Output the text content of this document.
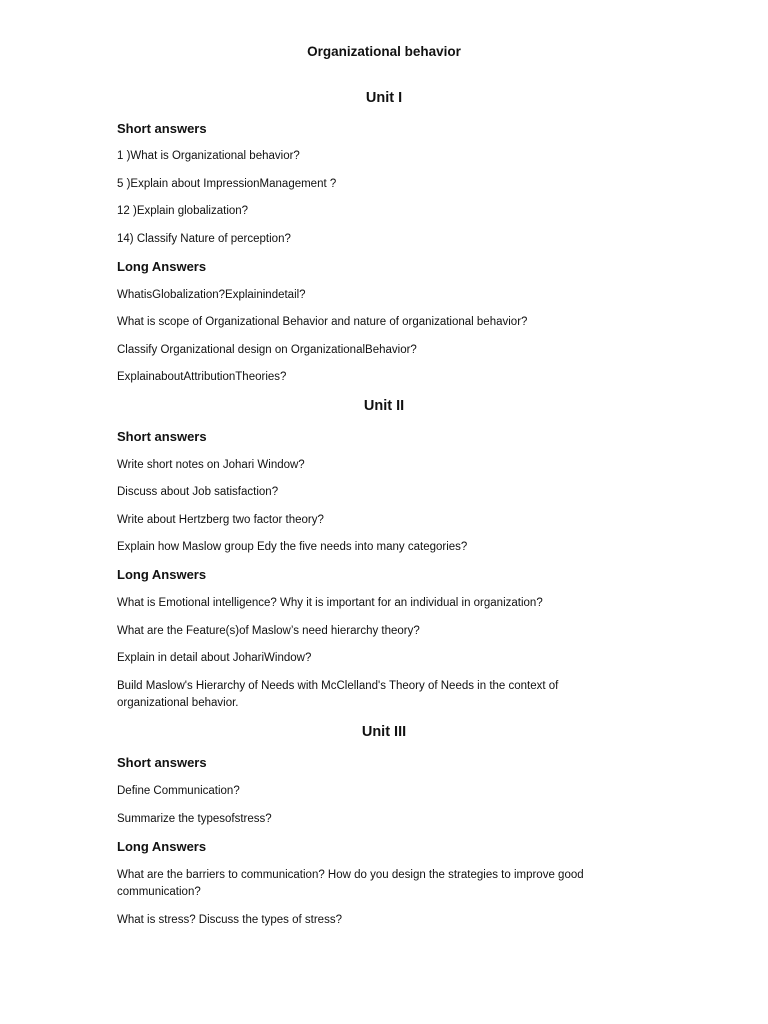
Organizational behavior
Unit I
Short answers
1 )What is Organizational behavior?
5 )Explain about ImpressionManagement ?
12 )Explain globalization?
14) Classify Nature of perception?
Long Answers
WhatisGlobalization?Explainindetail?
What is scope of Organizational Behavior and nature of organizational behavior?
Classify Organizational design on OrganizationalBehavior?
ExplainaboutAttributionTheories?
Unit II
Short answers
Write short notes on Johari Window?
Discuss about Job satisfaction?
Write about Hertzberg two factor theory?
Explain how Maslow group Edy the five needs into many categories?
Long Answers
What is Emotional intelligence? Why it is important for an individual in organization?
What are the Feature(s)of Maslow’s need hierarchy theory?
Explain in detail about JohariWindow?
Build Maslow's Hierarchy of Needs with McClelland's Theory of Needs in the context of organizational behavior.
Unit III
Short answers
Define Communication?
Summarize the typesofstress?
Long Answers
What are the barriers to communication? How do you design the strategies to improve good communication?
What is stress? Discuss the types of stress?
